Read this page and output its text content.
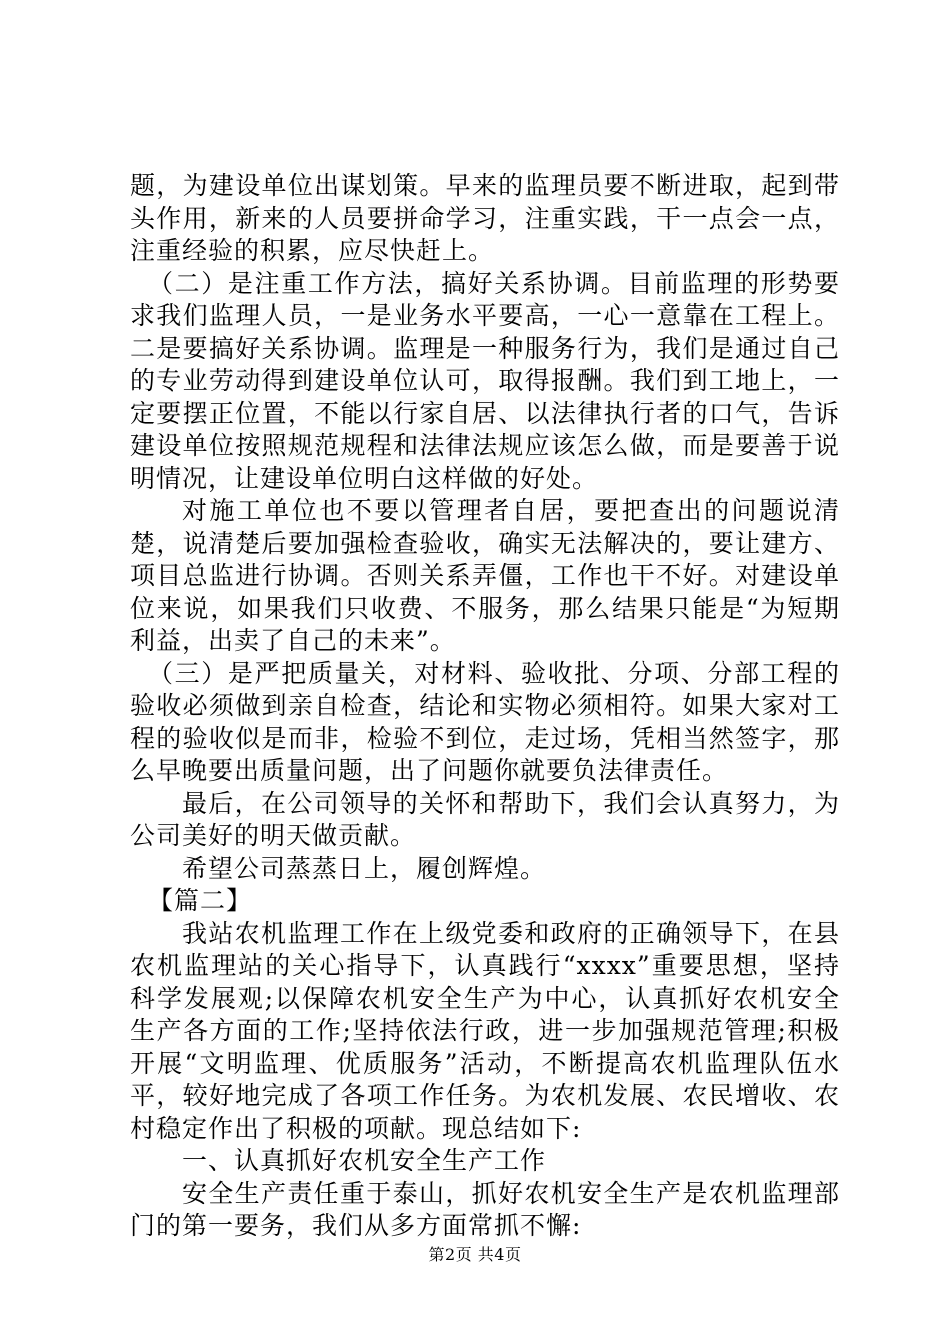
题，为建设单位出谋划策。早来的监理员要不断进取，起到带头作用，新来的人员要拼命学习，注重实践，干一点会一点，注重经验的积累，应尽快赶上。

（二）是注重工作方法，搞好关系协调。目前监理的形势要求我们监理人员，一是业务水平要高，一心一意靠在工程上。二是要搞好关系协调。监理是一种服务行为，我们是通过自己的专业劳动得到建设单位认可，取得报酬。我们到工地上，一定要摆正位置，不能以行家自居、以法律执行者的口气，告诉建设单位按照规范规程和法律法规应该怎么做，而是要善于说明情况，让建设单位明白这样做的好处。

对施工单位也不要以管理者自居，要把查出的问题说清楚，说清楚后要加强检查验收，确实无法解决的，要让建方、项目总监进行协调。否则关系弄僵，工作也干不好。对建设单位来说，如果我们只收费、不服务，那么结果只能是“为短期利益，出卖了自己的未来”。

（三）是严把质量关，对材料、验收批、分项、分部工程的验收必须做到亲自检查，结论和实物必须相符。如果大家对工程的验收似是而非，检验不到位，走过场，凭相当然签字，那么早晚要出质量问题，出了问题你就要负法律责任。

最后，在公司领导的关怀和帮助下，我们会认真努力，为公司美好的明天做贡献。

希望公司蒸蒸日上，履创辉煌。

【篇二】

我站农机监理工作在上级党委和政府的正确领导下，在县农机监理站的关心指导下，认真践行“xxxx”重要思想，坚持科学发展观;以保障农机安全生产为中心，认真抓好农机安全生产各方面的工作;坚持依法行政，进一步加强规范管理;积极开展“文明监理、优质服务”活动，不断提高农机监理队伍水平，较好地完成了各项工作任务。为农机发展、农民增收、农村稳定作出了积极的项献。现总结如下:

一、认真抓好农机安全生产工作

安全生产责任重于泰山，抓好农机安全生产是农机监理部门的第一要务，我们从多方面常抓不懈:

第2页 共4页
